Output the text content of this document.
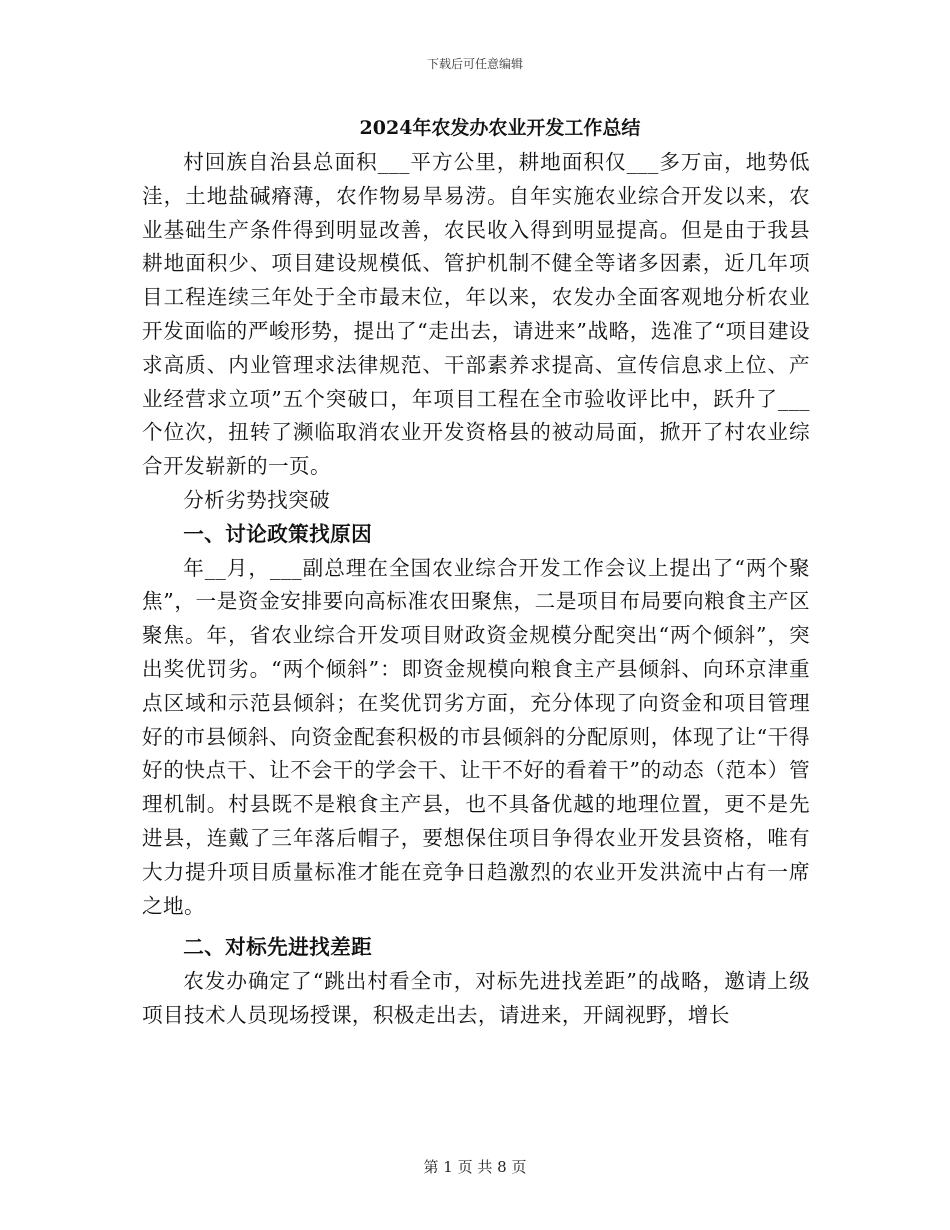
下载后可任意编辑
2024年农发办农业开发工作总结

村回族自治县总面积___平方公里，耕地面积仅___多万亩，地势低洼，土地盐碱瘠薄，农作物易旱易涝。自年实施农业综合开发以来，农业基础生产条件得到明显改善，农民收入得到明显提高。但是由于我县耕地面积少、项目建设规模低、管护机制不健全等诸多因素，近几年项目工程连续三年处于全市最末位，年以来，农发办全面客观地分析农业开发面临的严峻形势，提出了“走出去，请进来”战略，选准了“项目建设求高质、内业管理求法律规范、干部素养求提高、宣传信息求上位、产业经营求立项”五个突破口，年项目工程在全市验收评比中，跃升了___个位次，扭转了濒临取消农业开发资格县的被动局面，掀开了村农业综合开发崭新的一页。

分析劣势找突破

一、讨论政策找原因

年__月，___副总理在全国农业综合开发工作会议上提出了“两个聚焦”，一是资金安排要向高标准农田聚焦，二是项目布局要向粮食主产区聚焦。年，省农业综合开发项目财政资金规模分配突出“两个倾斜”，突出奖优罚劣。“两个倾斜”：即资金规模向粮食主产县倾斜、向环京津重点区域和示范县倾斜；在奖优罚劣方面，充分体现了向资金和项目管理好的市县倾斜、向资金配套积极的市县倾斜的分配原则，体现了让“干得好的快点干、让不会干的学会干、让干不好的看着干”的动态（范本）管理机制。村县既不是粮食主产县，也不具备优越的地理位置，更不是先进县，连戴了三年落后帽子，要想保住项目争得农业开发县资格，唯有大力提升项目质量标准才能在竞争日趋激烈的农业开发洪流中占有一席之地。

二、对标先进找差距

农发办确定了“跳出村看全市，对标先进找差距”的战略，邀请上级项目技术人员现场授课，积极走出去，请进来，开阔视野，增长

第 1 页 共 8 页
